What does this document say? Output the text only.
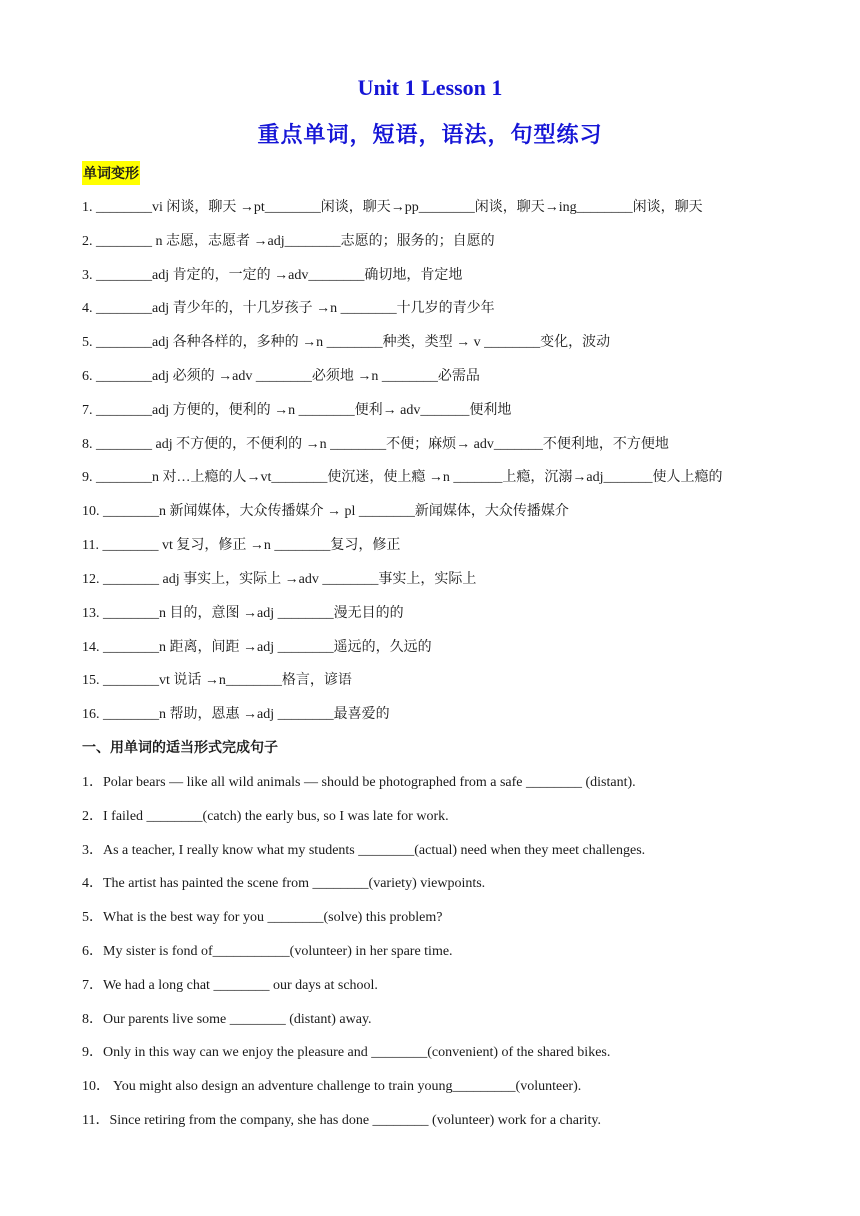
Unit 1 Lesson 1
重点单词，短语，语法，句型练习
单词变形
1. ________vi 闲谈，聊天 →pt________闲谈，聊天→pp________闲谈，聊天→ing________闲谈，聊天
2. ________ n 志愿，志愿者 →adj________志愿的；服务的；自愿的
3. ________adj 肯定的，一定的 →adv________确切地，肯定地
4. ________adj 青少年的，十几岁孩子 →n ________十几岁的青少年
5. ________adj 各种各样的，多种的 →n ________种类，类型 → v ________变化，波动
6. ________adj 必须的 →adv ________必须地 →n ________必需品
7. ________adj 方便的，便利的 →n ________便利→ adv_______便利地
8. ________ adj 不方便的，不便利的 →n ________不便；麻烦→ adv_______不便利地，不方便地
9. ________n 对…上瘾的人→vt________使沉迷，使上瘾 →n _______上瘾，沉溺→adj_______使人上瘾的
10. ________n 新闻媒体，大众传播媒介 → pl ________新闻媒体，大众传播媒介
11. ________ vt 复习，修正 →n ________复习，修正
12. ________ adj 事实上，实际上 →adv ________事实上，实际上
13. ________n 目的，意图 →adj ________漫无目的的
14. ________n 距离，间距 →adj ________遥远的，久远的
15. ________vt 说话 →n________格言，谚语
16. ________n 帮助，恩惠 →adj ________最喜爱的
一、用单词的适当形式完成句子
1．Polar bears — like all wild animals — should be photographed from a safe ________ (distant).
2．I failed ________(catch) the early bus, so I was late for work.
3．As a teacher, I really know what my students ________(actual) need when they meet challenges.
4．The artist has painted the scene from ________(variety) viewpoints.
5．What is the best way for you ________(solve) this problem?
6．My sister is fond of___________(volunteer) in her spare time.
7．We had a long chat ________ our days at school.
8．Our parents live some ________ (distant) away.
9．Only in this way can we enjoy the pleasure and ________(convenient) of the shared bikes.
10． You might also design an adventure challenge to train young_________(volunteer).
11．Since retiring from the company, she has done ________ (volunteer) work for a charity.
